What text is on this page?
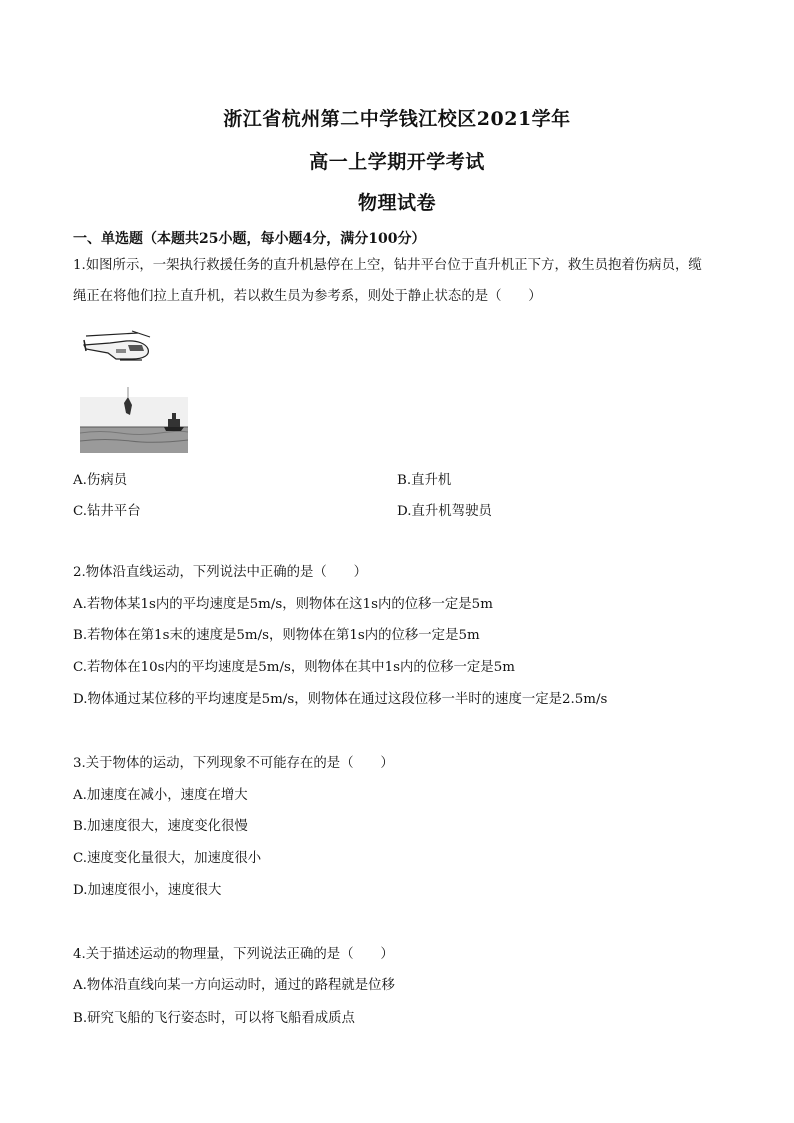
浙江省杭州第二中学钱江校区2021学年
高一上学期开学考试
物理试卷
一、单选题（本题共25小题，每小题4分，满分100分）
1.如图所示，一架执行救援任务的直升机悬停在上空，钻井平台位于直升机正下方，救生员抱着伤病员，缆
绳正在将他们拉上直升机，若以救生员为参考系，则处于静止状态的是（　　）
A.伤病员	B.直升机
C.钻井平台	D.直升机驾驶员
2.物体沿直线运动，下列说法中正确的是（　　）
A.若物体某1s内的平均速度是5m/s，则物体在这1s内的位移一定是5m
B.若物体在第1s末的速度是5m/s，则物体在第1s内的位移一定是5m
C.若物体在10s内的平均速度是5m/s，则物体在其中1s内的位移一定是5m
D.物体通过某位移的平均速度是5m/s，则物体在通过这段位移一半时的速度一定是2.5m/s
3.关于物体的运动，下列现象不可能存在的是（　　）
A.加速度在减小，速度在增大
B.加速度很大，速度变化很慢
C.速度变化量很大，加速度很小
D.加速度很小，速度很大
4.关于描述运动的物理量，下列说法正确的是（　　）
A.物体沿直线向某一方向运动时，通过的路程就是位移
B.研究飞船的飞行姿态时，可以将飞船看成质点
